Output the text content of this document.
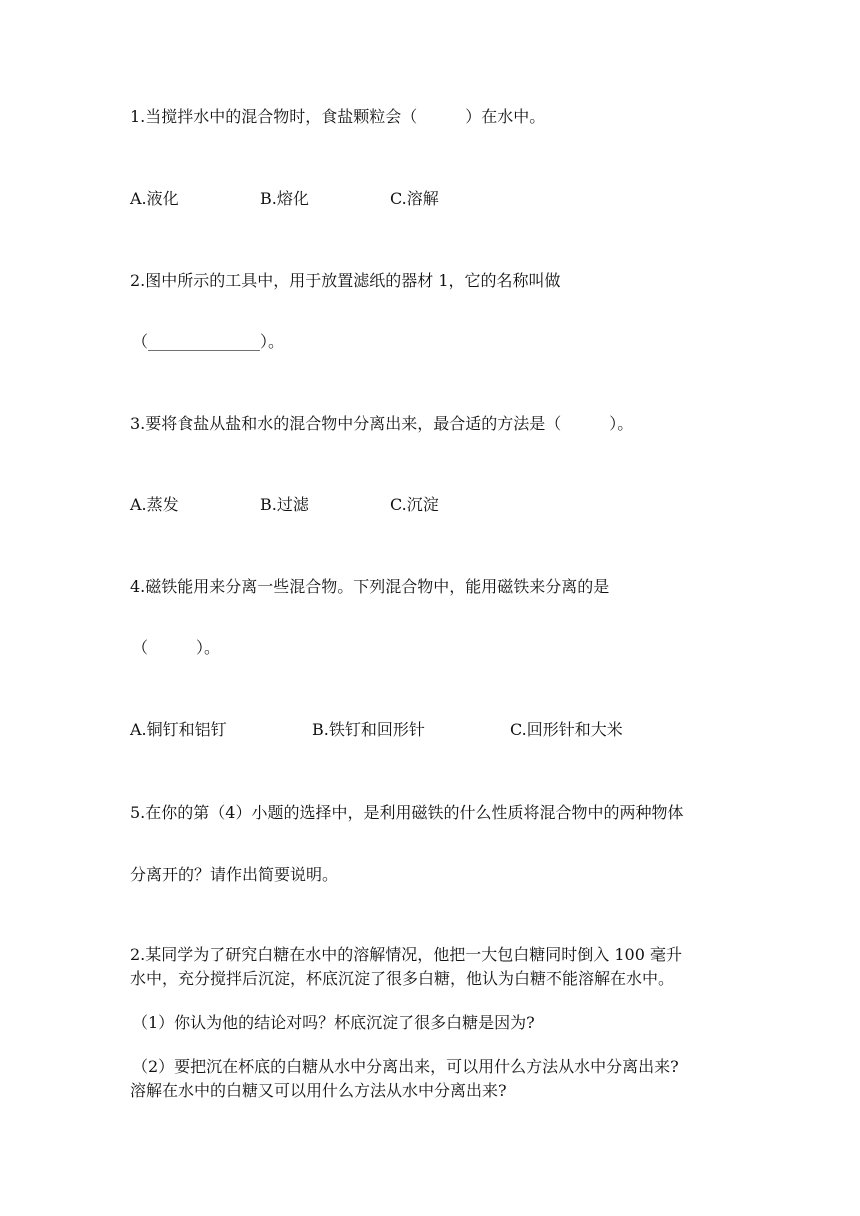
1.当搅拌水中的混合物时，食盐颗粒会（　　　）在水中。
A.液化	B.熔化	C.溶解
2.图中所示的工具中，用于放置滤纸的器材 1，它的名称叫做
（______________）。
3.要将食盐从盐和水的混合物中分离出来，最合适的方法是（　　　）。
A.蒸发	B.过滤	C.沉淀
4.磁铁能用来分离一些混合物。下列混合物中，能用磁铁来分离的是
（　　　）。
A.铜钉和铝钉	B.铁钉和回形针	C.回形针和大米
5.在你的第（4）小题的选择中，是利用磁铁的什么性质将混合物中的两种物体
分离开的？请作出简要说明。
2.某同学为了研究白糖在水中的溶解情况，他把一大包白糖同时倒入 100 毫升
水中，充分搅拌后沉淀，杯底沉淀了很多白糖，他认为白糖不能溶解在水中。
（1）你认为他的结论对吗？杯底沉淀了很多白糖是因为?
（2）要把沉在杯底的白糖从水中分离出来，可以用什么方法从水中分离出来?
溶解在水中的白糖又可以用什么方法从水中分离出来?
